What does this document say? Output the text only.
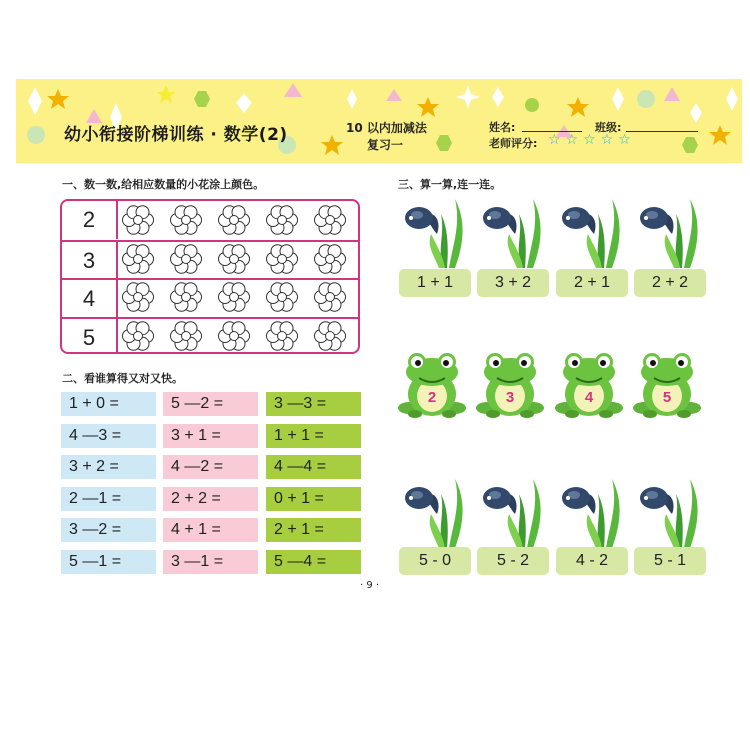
幼小衔接阶梯训练 · 数学(2)	10 以内加减法
复习一
姓名:	班级:
老师评分: ☆☆☆☆☆
一、数一数,给相应数量的小花涂上颜色。
2
3
4
5
二、看谁算得又对又快。
1 + 0 =
4 —3 =
3 + 2 =
2 —1 =
3 —2 =
5 —1 =
5 —2 =
3 + 1 =
4 —2 =
2 + 2 =
4 + 1 =
3 —1 =
3 —3 =
1 + 1 =
4 —4 =
0 + 1 =
2 + 1 =
5 —4 =
三、算一算,连一连。
1 + 1
2
5 - 0
3 + 2
3
5 - 2
2 + 1
4
4 - 2
2 + 2
5
5 - 1
· 9 ·
